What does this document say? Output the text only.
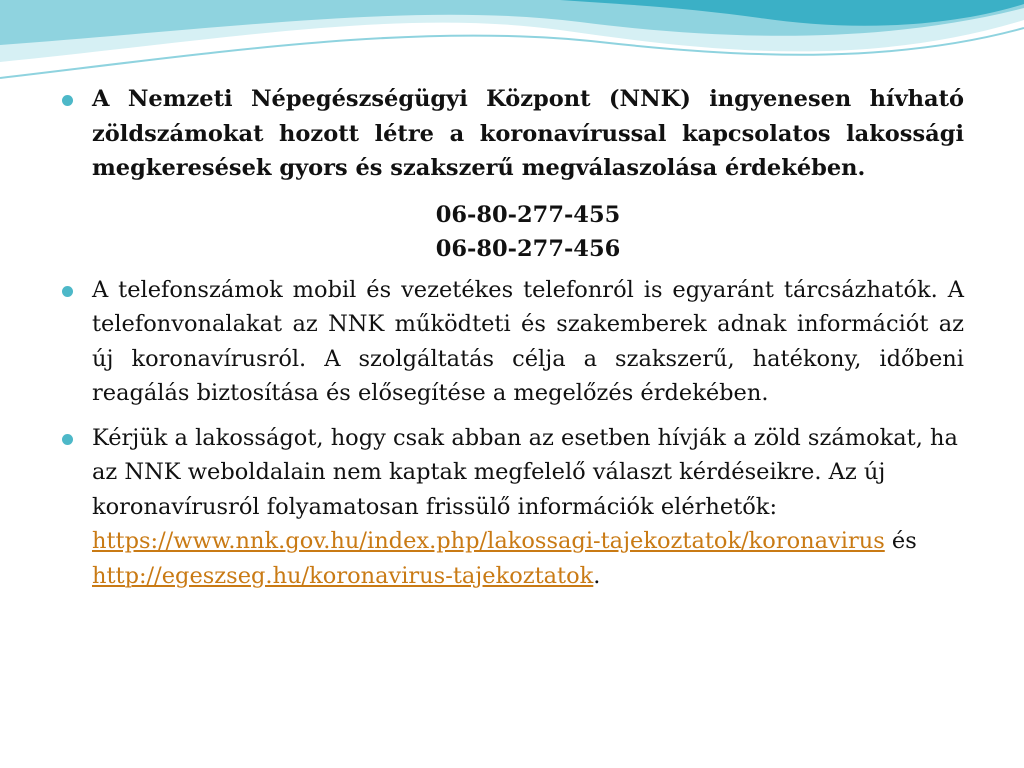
A Nemzeti Népegészségügyi Központ (NNK) ingyenesen hívható zöldszámokat hozott létre a koronavírussal kapcsolatos lakossági megkeresések gyors és szakszerű megválaszolása érdekében.

06-80-277-455

06-80-277-456

A telefonszámok mobil és vezetékes telefonról is egyaránt tárcsázhatók. A telefonvonalakat az NNK működteti és szakemberek adnak információt az új koronavírusról. A szolgáltatás célja a szakszerű, hatékony, időbeni reagálás biztosítása és elősegítése a megelőzés érdekében.

Kérjük a lakosságot, hogy csak abban az esetben hívják a zöld számokat, ha az NNK weboldalain nem kaptak megfelelő választ kérdéseikre. Az új koronavírusról folyamatosan frissülő információk elérhetők:
https://www.nnk.gov.hu/index.php/lakossagi-tajekoztatok/koronavirus és http://egeszseg.hu/koronavirus-tajekoztatok.
